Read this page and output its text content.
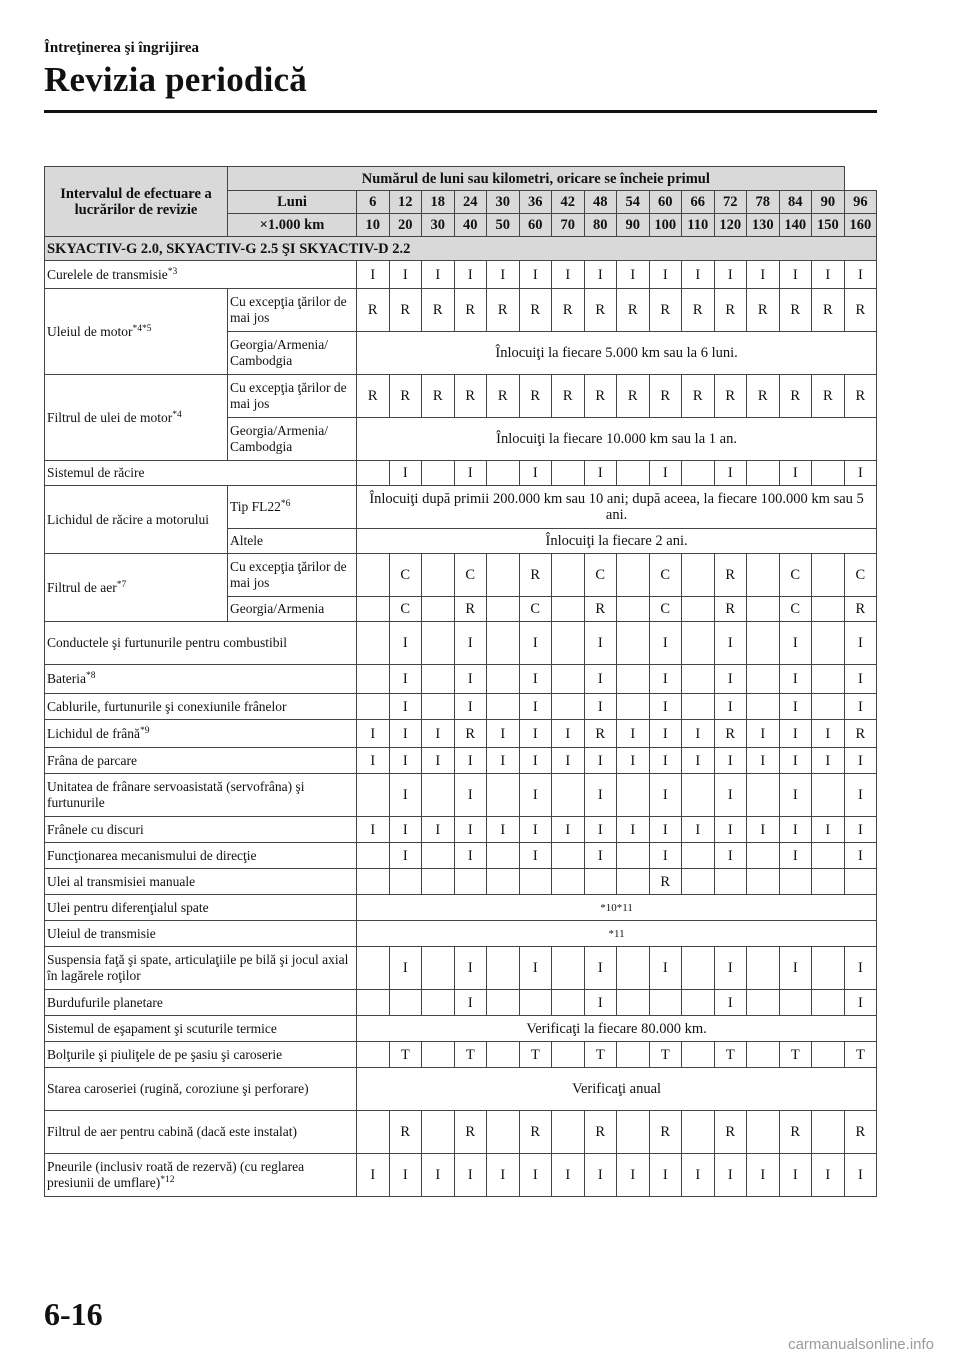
Întreţinerea şi îngrijirea
Revizia periodică
Intervalul de efectuare a lucrărilor de revizie	Numărul de luni sau kilometri, oricare se încheie primul																
	Luni	6	12	18	24	30	36	42	48	54	60	66	72	78	84	90	96
	×1.000 km	10	20	30	40	50	60	70	80	90	100	110	120	130	140	150	160
SKYACTIV-G 2.0, SKYACTIV-G 2.5 ŞI SKYACTIV-D 2.2																	
Curelele de transmisie$^{*3}$		I	I	I	I	I	I	I	I	I	I	I	I	I	I	I	I
Uleiul de motor$^{*4*5}$	Cu excepţia ţărilor de mai jos	R	R	R	R	R	R	R	R	R	R	R	R	R	R	R	R
	Georgia/Armenia/ Cambodgia	Înlocuiţi la fiecare 5.000 km sau la 6 luni.															
Filtrul de ulei de motor$^{*4}$	Cu excepţia ţărilor de mai jos	R	R	R	R	R	R	R	R	R	R	R	R	R	R	R	R
	Georgia/Armenia/ Cambodgia	Înlocuiţi la fiecare 10.000 km sau la 1 an.															
Sistemul de răcire			I		I		I		I		I		I		I		I
Lichidul de răcire a motorului	Tip FL22$^{*6}$	Înlocuiţi după primii 200.000 km sau 10 ani; după aceea, la fiecare 100.000 km sau 5 ani.															
	Altele	Înlocuiţi la fiecare 2 ani.															
Filtrul de aer$^{*7}$	Cu excepţia ţărilor de mai jos		C		C		R		C		C		R		C		C
	Georgia/Armenia		C		R		C		R		C		R		C		R
Conductele şi furtunurile pentru combustibil			I		I		I		I		I		I		I		I
Bateria$^{*8}$			I		I		I		I		I		I		I		I
Cablurile, furtunurile şi conexiunile frânelor			I		I		I		I		I		I		I		I
Lichidul de frână$^{*9}$		I	I	I	R	I	I	I	R	I	I	I	R	I	I	I	R
Frâna de parcare		I	I	I	I	I	I	I	I	I	I	I	I	I	I	I	I
Unitatea de frânare servoasistată (servofrâna) şi furtunurile			I		I		I		I		I		I		I		I
Frânele cu discuri		I	I	I	I	I	I	I	I	I	I	I	I	I	I	I	I
Funcţionarea mecanismului de direcţie			I		I		I		I		I		I		I		I
Ulei al transmisiei manuale											R						
Ulei pentru diferenţialul spate		*10*11															
Uleiul de transmisie		*11															
Suspensia faţă şi spate, articulaţiile pe bilă şi jocul axial în lagărele roţilor			I		I		I		I		I		I		I		I
Burdufurile planetare					I				I				I				I
Sistemul de eşapament şi scuturile termice		Verificaţi la fiecare 80.000 km.															
Bolţurile şi piuliţele de pe şasiu şi caroserie			T		T		T		T		T		T		T		T
Starea caroseriei (rugină, coroziune şi perforare)		Verificaţi anual															
Filtrul de aer pentru cabină (dacă este instalat)			R		R		R		R		R		R		R		R
Pneurile (inclusiv roată de rezervă) (cu reglarea presiunii de umflare)$^{*12}$		I	I	I	I	I	I	I	I	I	I	I	I	I	I	I	I
6-16
carmanualsonline.info
